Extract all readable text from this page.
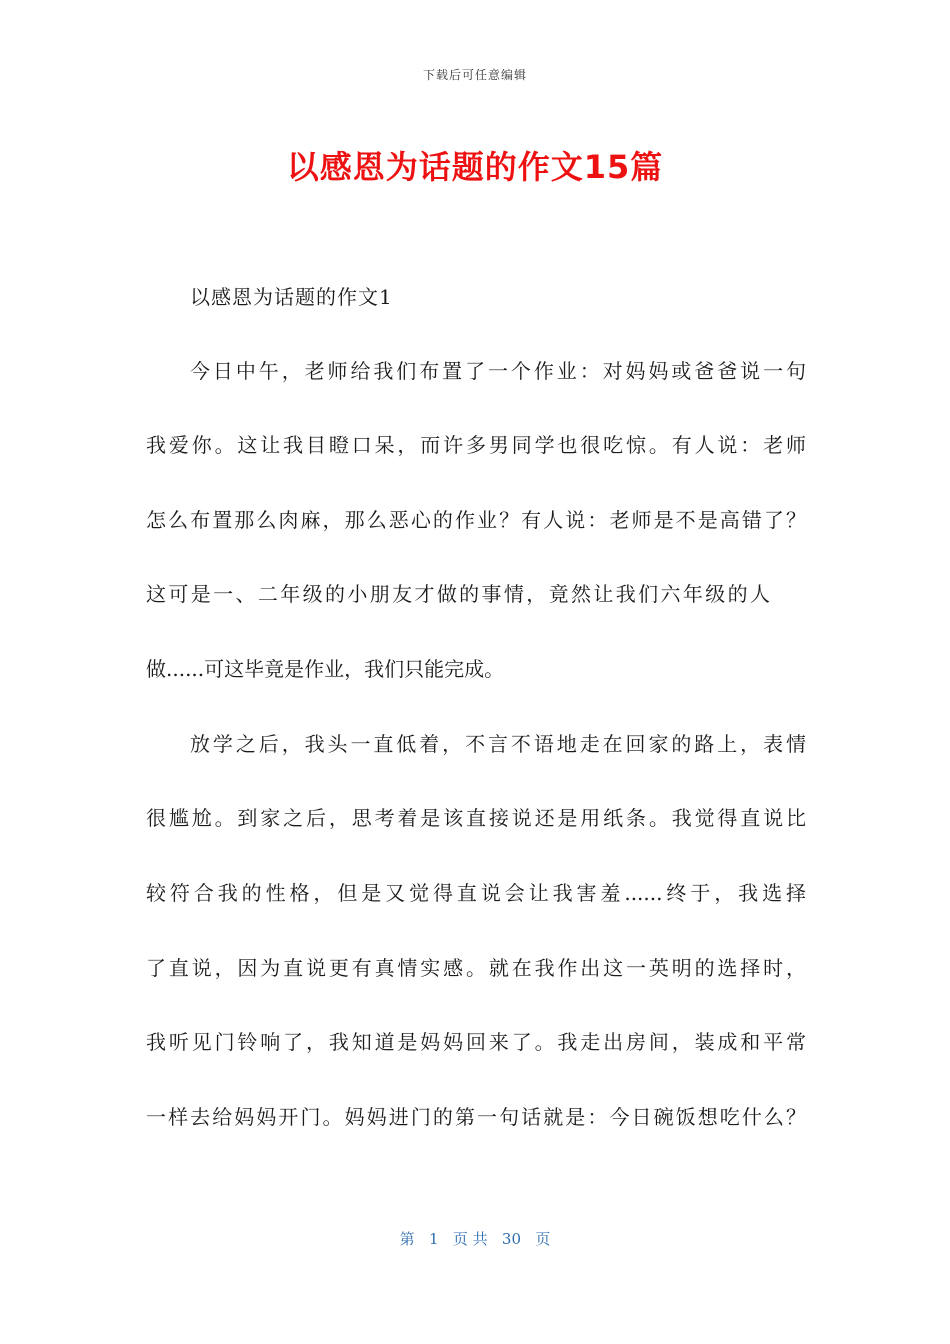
下载后可任意编辑
以感恩为话题的作文15篇
以感恩为话题的作文1
今日中午，老师给我们布置了一个作业：对妈妈或爸爸说一句
我爱你。这让我目瞪口呆，而许多男同学也很吃惊。有人说：老师
怎么布置那么肉麻，那么恶心的作业？有人说：老师是不是高错了？
这可是一、二年级的小朋友才做的事情，竟然让我们六年级的人
做......可这毕竟是作业，我们只能完成。
放学之后，我头一直低着，不言不语地走在回家的路上，表情
很尴尬。到家之后，思考着是该直接说还是用纸条。我觉得直说比
较符合我的性格，但是又觉得直说会让我害羞......终于，我选择
了直说，因为直说更有真情实感。就在我作出这一英明的选择时，
我听见门铃响了，我知道是妈妈回来了。我走出房间，装成和平常
一样去给妈妈开门。妈妈进门的第一句话就是：今日碗饭想吃什么？
第 1 页 共 30 页
